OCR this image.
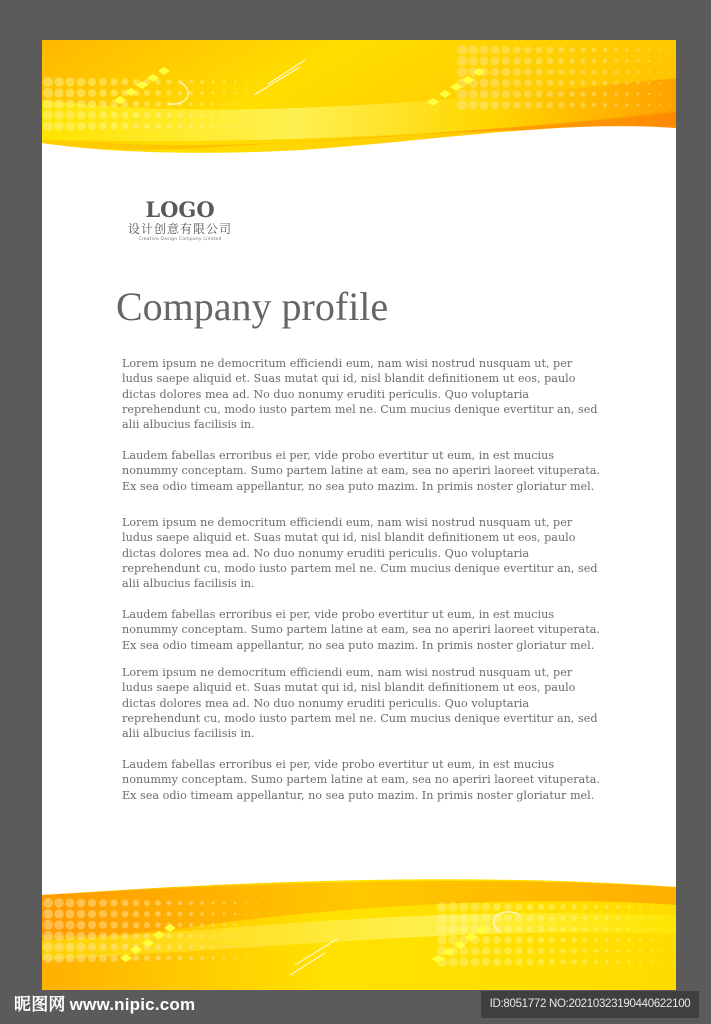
LOGO
设计创意有限公司
Creative Design Company Limited
Company profile

Lorem ipsum ne democritum efficiendi eum, nam wisi nostrud nusquam ut, per ludus saepe aliquid et. Suas mutat qui id, nisl blandit definitionem ut eos, paulo dictas dolores mea ad. No duo nonumy eruditi periculis. Quo voluptaria reprehendunt cu, modo iusto partem mel ne. Cum mucius denique evertitur an, sed alii albucius facilisis in.

Laudem fabellas erroribus ei per, vide probo evertitur ut eum, in est mucius nonummy conceptam. Sumo partem latine at eam, sea no aperiri laoreet vituperata. Ex sea odio timeam appellantur, no sea puto mazim. In primis noster gloriatur mel.

Lorem ipsum ne democritum efficiendi eum, nam wisi nostrud nusquam ut, per ludus saepe aliquid et. Suas mutat qui id, nisl blandit definitionem ut eos, paulo dictas dolores mea ad. No duo nonumy eruditi periculis. Quo voluptaria reprehendunt cu, modo iusto partem mel ne. Cum mucius denique evertitur an, sed alii albucius facilisis in.

Laudem fabellas erroribus ei per, vide probo evertitur ut eum, in est mucius nonummy conceptam. Sumo partem latine at eam, sea no aperiri laoreet vituperata. Ex sea odio timeam appellantur, no sea puto mazim. In primis noster gloriatur mel.

Lorem ipsum ne democritum efficiendi eum, nam wisi nostrud nusquam ut, per ludus saepe aliquid et. Suas mutat qui id, nisl blandit definitionem ut eos, paulo dictas dolores mea ad. No duo nonumy eruditi periculis. Quo voluptaria reprehendunt cu, modo iusto partem mel ne. Cum mucius denique evertitur an, sed alii albucius facilisis in.

Laudem fabellas erroribus ei per, vide probo evertitur ut eum, in est mucius nonummy conceptam. Sumo partem latine at eam, sea no aperiri laoreet vituperata. Ex sea odio timeam appellantur, no sea puto mazim. In primis noster gloriatur mel.

昵图网 www.nipic.com	ID:8051772 NO:20210323190440622100
